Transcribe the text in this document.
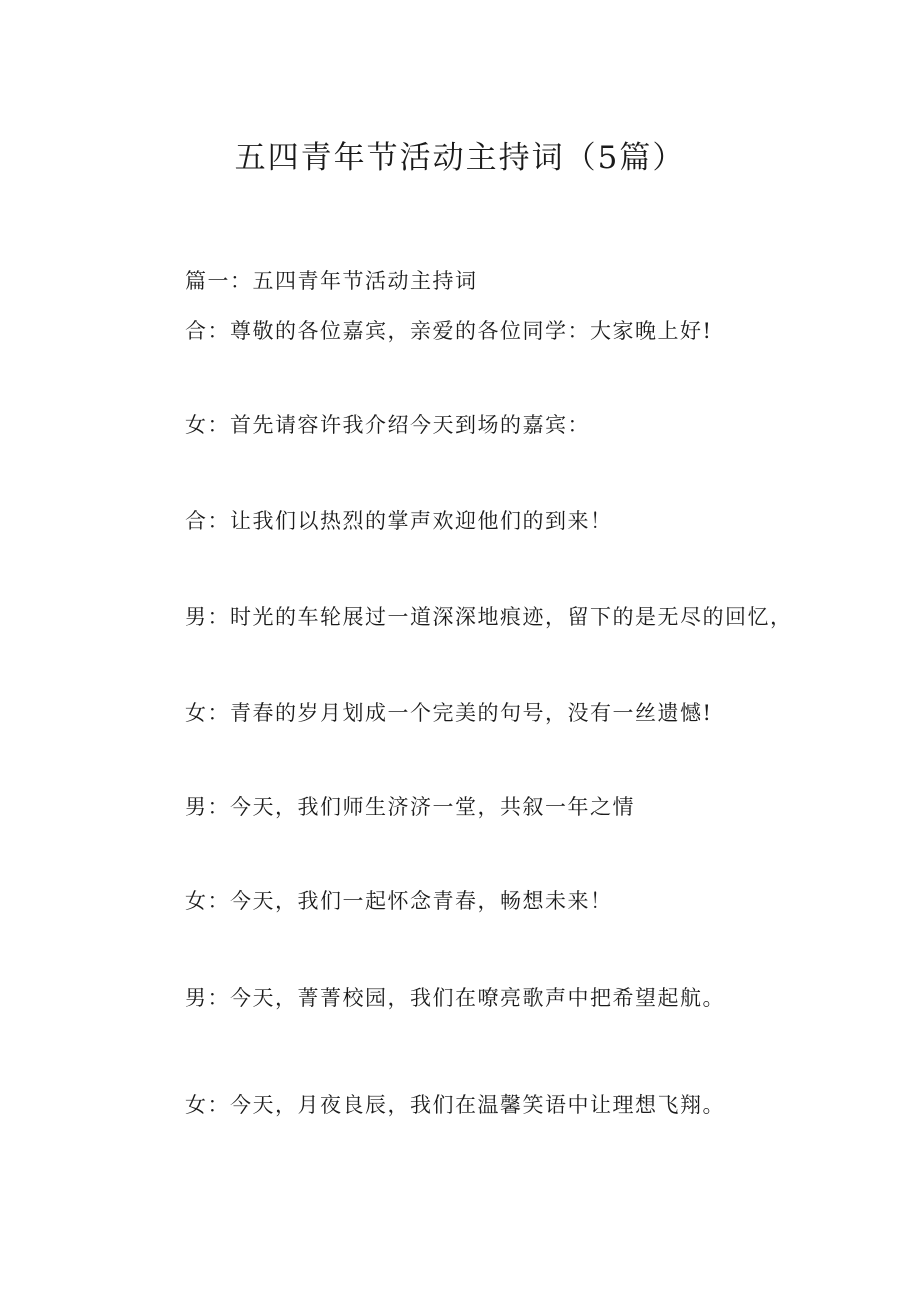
五四青年节活动主持词（5篇）
篇一：五四青年节活动主持词
合：尊敬的各位嘉宾，亲爱的各位同学：大家晚上好!
女：首先请容许我介绍今天到场的嘉宾：
合：让我们以热烈的掌声欢迎他们的到来！
男：时光的车轮展过一道深深地痕迹，留下的是无尽的回忆，
女：青春的岁月划成一个完美的句号，没有一丝遗憾!
男：今天，我们师生济济一堂，共叙一年之情
女：今天，我们一起怀念青春，畅想未来！
男：今天，菁菁校园，我们在嘹亮歌声中把希望起航。
女：今天，月夜良辰，我们在温馨笑语中让理想飞翔。
